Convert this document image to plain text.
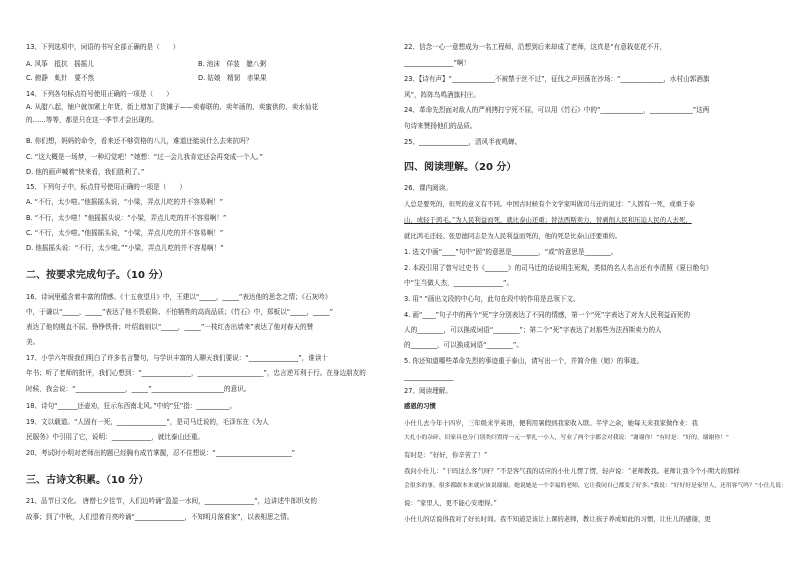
13、下列选项中，词语的书写全部正确的是（　　）
A. 风筝　抵抗　摇摇儿	B. 池沫　佯装　臆八粥
C. 俯静　虬针　要不然	D. 姑娘　精韧　赤果果
14、下列各句标点符号使用正确的一项是（　　）
A. 从腊八起，铺户就加紧上年货，街上增加了货摊子——卖春联的、卖年画的、卖蜜供的、卖水仙花
的……等等，都是只在这一季节才会出现的。
B. 你们想，妈妈的命令，看来还不够资格的八儿，难道还能说什么去来抗吗？
C. “这大概是一场梦，一种幻觉吧！”她想：“过一会儿我肯定还会再变成一个人。”
D. 他的画声喊着“快来看，我们胜利了。”
15、下列句子中，标点符号使用正确的一项是（　　）
A. “不行，太少啦。”他摇摇头说，“小梁，弄点儿吃的并不容易啊！”
B. “不行，太少啦！”他摇摇头说：“小梁，弄点儿吃的并不容易啊！”
C. “不行，太少啦。”他摇摇头说，“小梁，弄点儿吃的并不容易啊！”
D. 他摇摇头说：“不行，太少啦。”“小梁，弄点儿吃的并不容易啊！”
二、按要求完成句子。（10 分）
16、诗词里蕴含着丰富的情感。《十五夜望月》中，王建以“_____，_____”表达他的思念之情；《石灰吟》
中，于谦以“_____，_____”表达了他不畏艰险、不怕牺牲的高尚品质；《竹石》中，郑板以“_____，_____”
表达了他的刚直不屈、铮铮铁骨；叶绍翁则以“_____，_____”一枝红杏出墙来”表达了他对春天的赞
美。
17、小学六年级我们明白了许多名言警句，与学识丰富的人聊天我们要说：“_______________”，谁读十
年书；听了老师的批评，我们心想到：“_______________，____________________”，忠言逆耳利于行。在身边朋友的
时候，我会说：“_______________，_____”______________________的意识。
18、诗句“______还壶劝，狂示东西南北风。”中的“狂”指：__________。
19、文以载道。“人固有一死，_______________”，是司马迁说的，毛泽东在《为人
民服务》中引用了它，说明：____________，就比泰山还重。
20、考试时小明对老师出的题已经胸有成竹掌握，忍不住想说：“_______________________”
三、古诗文积累。（10 分）
21、品节日文化。 唐僧七夕佳节，人们边吟诵“盈盈一水间，_______________”，边讲述牛郎织女的
故事；到了中秋，人们望着月亮吟诵“_______________，不知明月落谁家”，以表相思之情。
22、信念一心一意想成为一名工程师，沿想到后来却成了老师，这真是“有意栽花花不开，
_______________”啊！
23、【诗有声】“_____________不被禁于丝不过”，征伐之声回荡在沙场：“_____________，水村山郭酒旗
风”，阵阵鸟鸣酒旗村庄。
24、革命先烈面对敌人的严刑拷打宁死不屈，可以用《竹石》中的“_____________，_____________”这两
句诗来赞扬他们的品质。
25、_______________，清风半夜鸣蝉。
四、阅读理解。（20 分）
26、课内阅读。
人总是要死的，但死的意义有不同。中国古时候有个文学家叫做司马迁的说过：“人固有一死，或重于泰
山，或轻于鸿毛。”为人民利益而死，就比泰山还重；替法西斯卖力，替剥削人民和压迫人民的人去死，
就比鸿毛还轻。张思德同志是为人民利益而死的，他的死是比泰山还要重的。
1. 选文中画“____”句中“固”的意思是________，“或”的意思是________。
2. 本段引用了曾写过史书《_______》的司马迁的话说明生死观，类似的名人名言还有李清照《夏日绝句》
中“生当做人杰，_______________”。
3. 用“ ”画出文段的中心句，此句在段中的作用是总领下文。
4. 画“____”句子中的两个“死”字分别表达了不同的情感，第一个“死”字表达了对为人民利益而死的
人的________，可以换成词语“________”；第二个“死”字表达了对那些为法西斯卖力的人
的________，可以换成词语“________”。
5. 你还知道哪些革命先烈的事迹重于泰山，请写出一个，并简介他（她）的事迹。
_______________
27、阅读理解。
感恩的习惯
小仕儿去今年十四岁，三年级来学英语，便利用暑假到我家收入联。半学之余，她每天来我家做作业：我
大扎小的杂碎、旧家具也分门别类归置得一元一掌扎一小人，写业了两个字都会对我说：“谢谢你！”有时是：“好的，谢谢你！”
有时是：“好好，你辛苦了！”
我问小仕儿：“干吗这么客气呀？”不是客气我的话应的小仕儿愣了愣，轻声说：“老师教我。老师让我今个小期大的那样
会很多的事，很多都跟本来就应该说谢谢。她说她是一个幸福的老师，它让我同自己都变了好多。”我说：“好好好是家里人，还用客气吗？”小仕儿说：
说：“家里人，更不能心安理得。”
小仕儿的话说得我对了好长时间。我不知道是该让上课的老师，教让孩子养成如此的习惯，让仕儿的感谢，更
